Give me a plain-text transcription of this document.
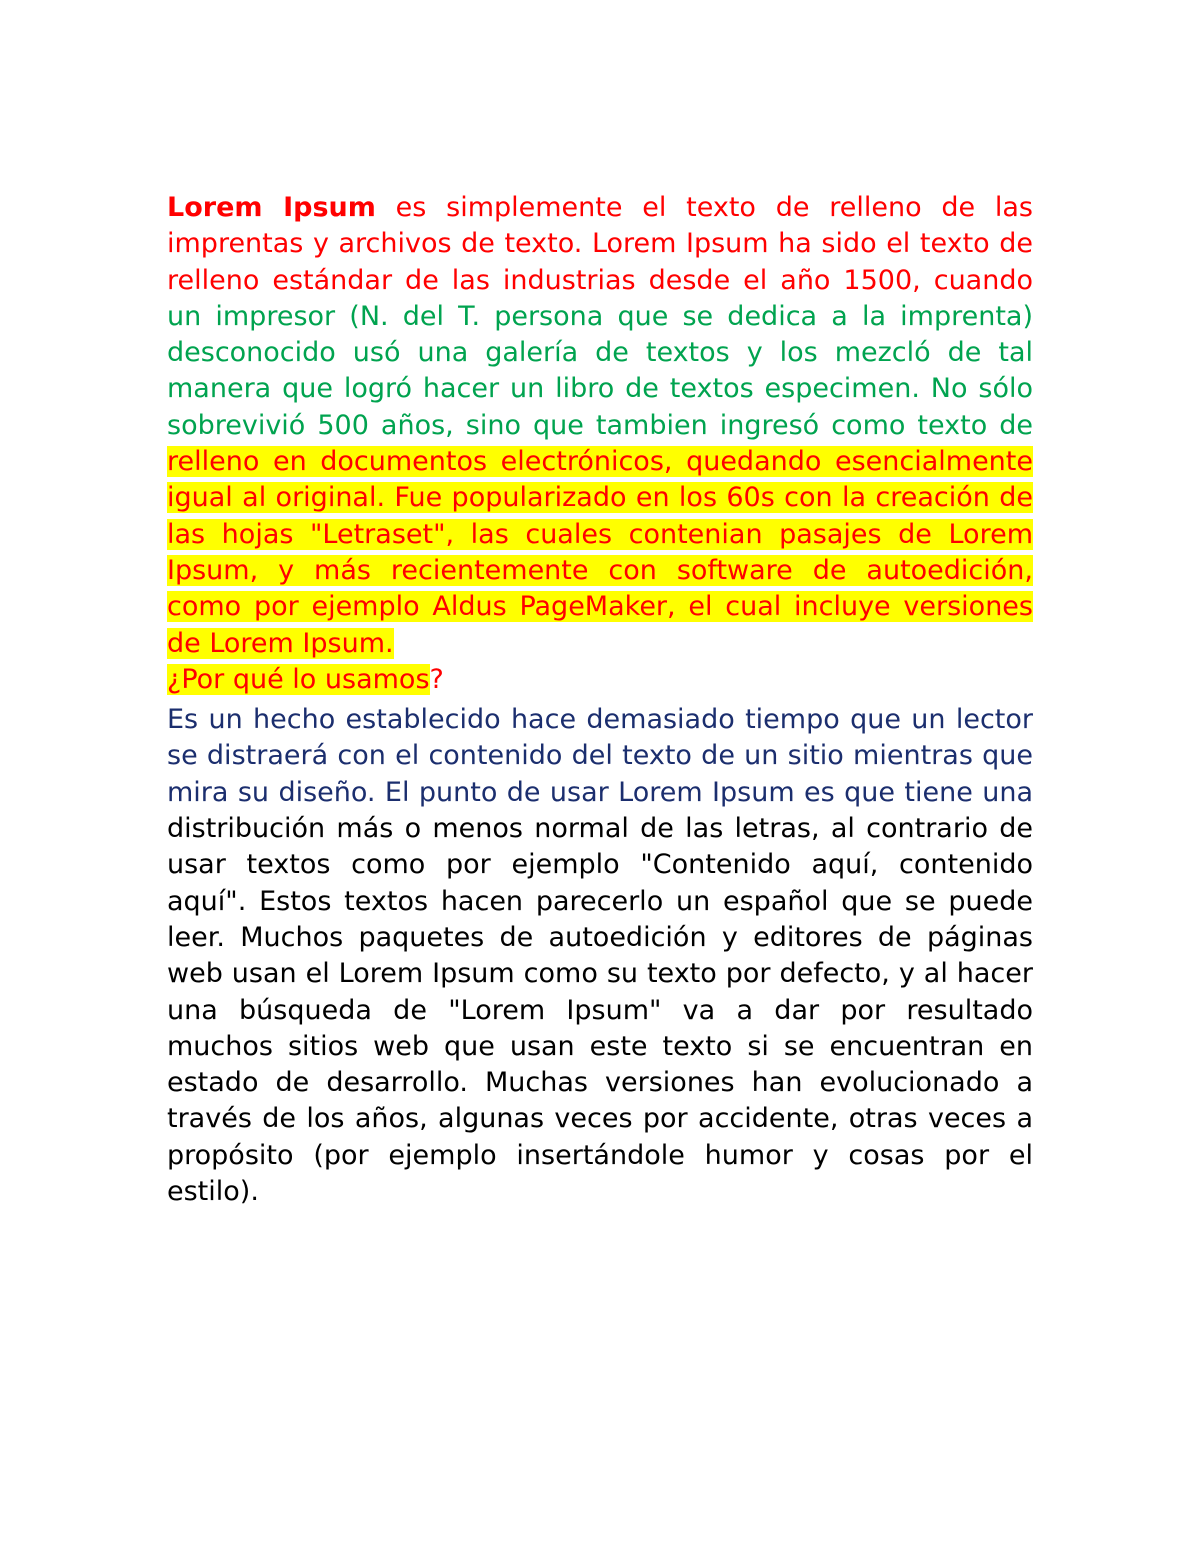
Lorem Ipsum es simplemente el texto de relleno de las imprentas y archivos de texto. Lorem Ipsum ha sido el texto de relleno estándar de las industrias desde el año 1500, cuando un impresor (N. del T. persona que se dedica a la imprenta) desconocido usó una galería de textos y los mezcló de tal manera que logró hacer un libro de textos especimen. No sólo sobrevivió 500 años, sino que tambien ingresó como texto de relleno en documentos electrónicos, quedando esencialmente igual al original. Fue popularizado en los 60s con la creación de las hojas "Letraset", las cuales contenian pasajes de Lorem Ipsum, y más recientemente con software de autoedición, como por ejemplo Aldus PageMaker, el cual incluye versiones de Lorem Ipsum.

¿Por qué lo usamos?

Es un hecho establecido hace demasiado tiempo que un lector se distraerá con el contenido del texto de un sitio mientras que mira su diseño. El punto de usar Lorem Ipsum es que tiene una distribución más o menos normal de las letras, al contrario de usar textos como por ejemplo "Contenido aquí, contenido aquí". Estos textos hacen parecerlo un español que se puede leer. Muchos paquetes de autoedición y editores de páginas web usan el Lorem Ipsum como su texto por defecto, y al hacer una búsqueda de "Lorem Ipsum" va a dar por resultado muchos sitios web que usan este texto si se encuentran en estado de desarrollo. Muchas versiones han evolucionado a través de los años, algunas veces por accidente, otras veces a propósito (por ejemplo insertándole humor y cosas por el estilo).
